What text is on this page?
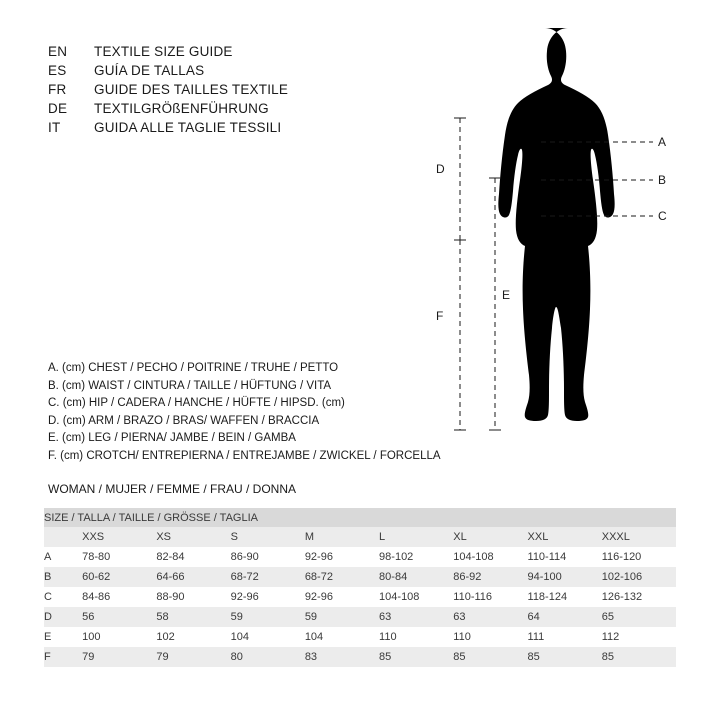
EN	TEXTILE SIZE GUIDE
ES	GUÍA DE TALLAS
FR	GUIDE DES TAILLES TEXTILE
DE	TEXTILGRÖßENFÜHRUNG
IT	GUIDA ALLE TAGLIE TESSILI
A
B
C
D
E
F
A. (cm) CHEST / PECHO / POITRINE / TRUHE / PETTO
B. (cm) WAIST / CINTURA / TAILLE / HÜFTUNG / VITA
C. (cm) HIP / CADERA / HANCHE / HÜFTE / HIPSD. (cm)
D. (cm) ARM / BRAZO / BRAS/ WAFFEN / BRACCIA
E. (cm) LEG / PIERNA/ JAMBE / BEIN / GAMBA
F. (cm) CROTCH/ ENTREPIERNA / ENTREJAMBE / ZWICKEL / FORCELLA
WOMAN / MUJER / FEMME / FRAU / DONNA
SIZE / TALLA / TAILLE / GRÖSSE / TAGLIA								
	XXS	XS	S	M	L	XL	XXL	XXXL
A	78-80	82-84	86-90	92-96	98-102	104-108	110-114	116-120
B	60-62	64-66	68-72	68-72	80-84	86-92	94-100	102-106
C	84-86	88-90	92-96	92-96	104-108	110-116	118-124	126-132
D	56	58	59	59	63	63	64	65
E	100	102	104	104	110	110	111	112
F	79	79	80	83	85	85	85	85
